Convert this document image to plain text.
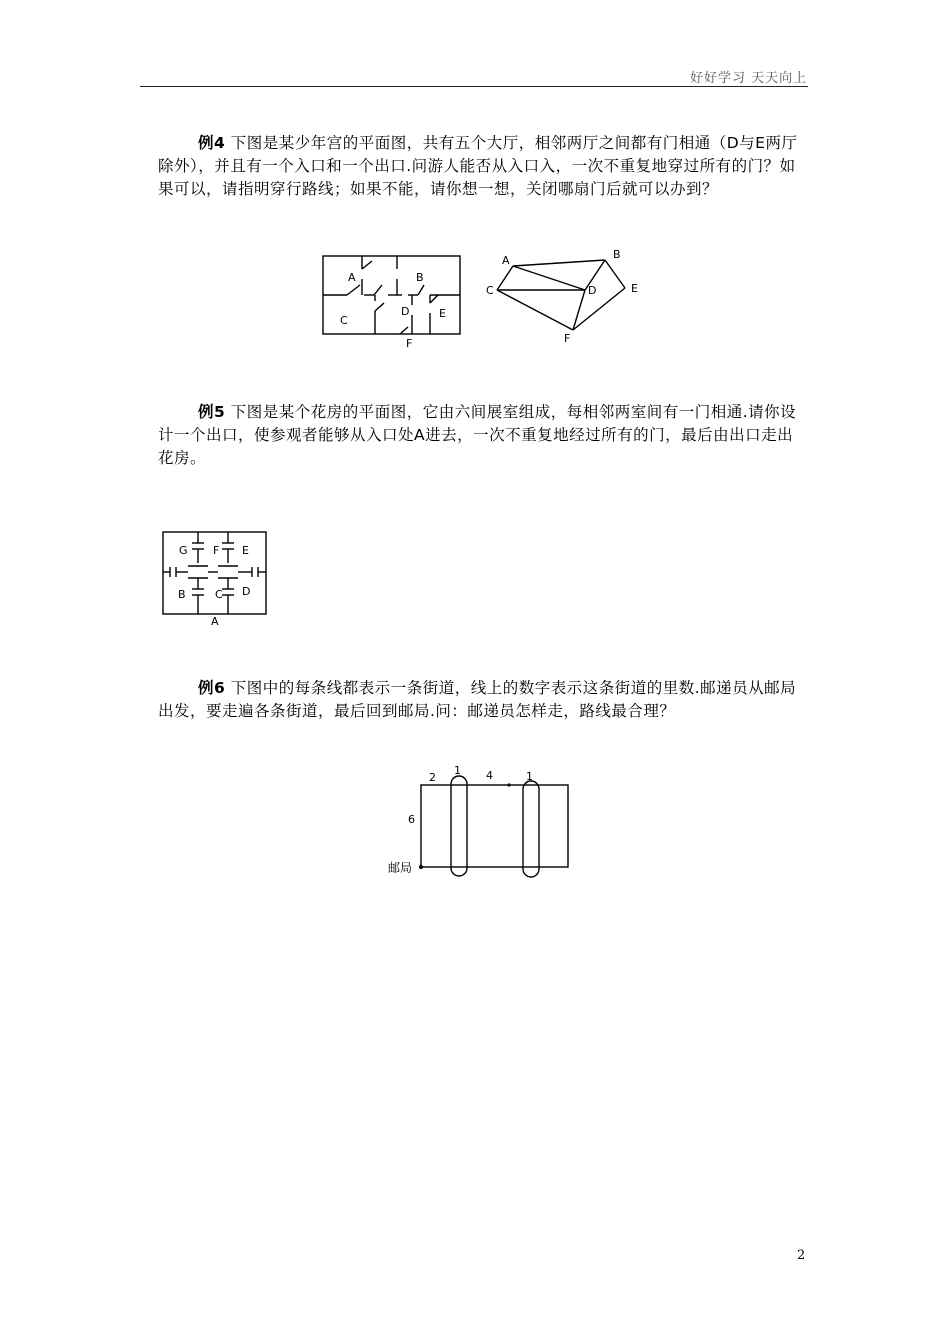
好好学习 天天向上
例4 下图是某少年宫的平面图，共有五个大厅，相邻两厅之间都有门相通（D与E两厅除外），并且有一个入口和一个出口.问游人能否从入口入，一次不重复地穿过所有的门？如果可以，请指明穿行路线；如果不能，请你想一想，关闭哪扇门后就可以办到？
A	B
C
D	E
F
A	B
C	D	E
F
例5 下图是某个花房的平面图，它由六间展室组成，每相邻两室间有一门相通.请你设计一个出口，使参观者能够从入口处A进去，一次不重复地经过所有的门，最后由出口走出花房。
G F E
B	C D
A
例6 下图中的每条线都表示一条街道，线上的数字表示这条街道的里数.邮递员从邮局出发，要走遍各条街道，最后回到邮局.问：邮递员怎样走，路线最合理？
2
1 4	1
6
邮局
2
